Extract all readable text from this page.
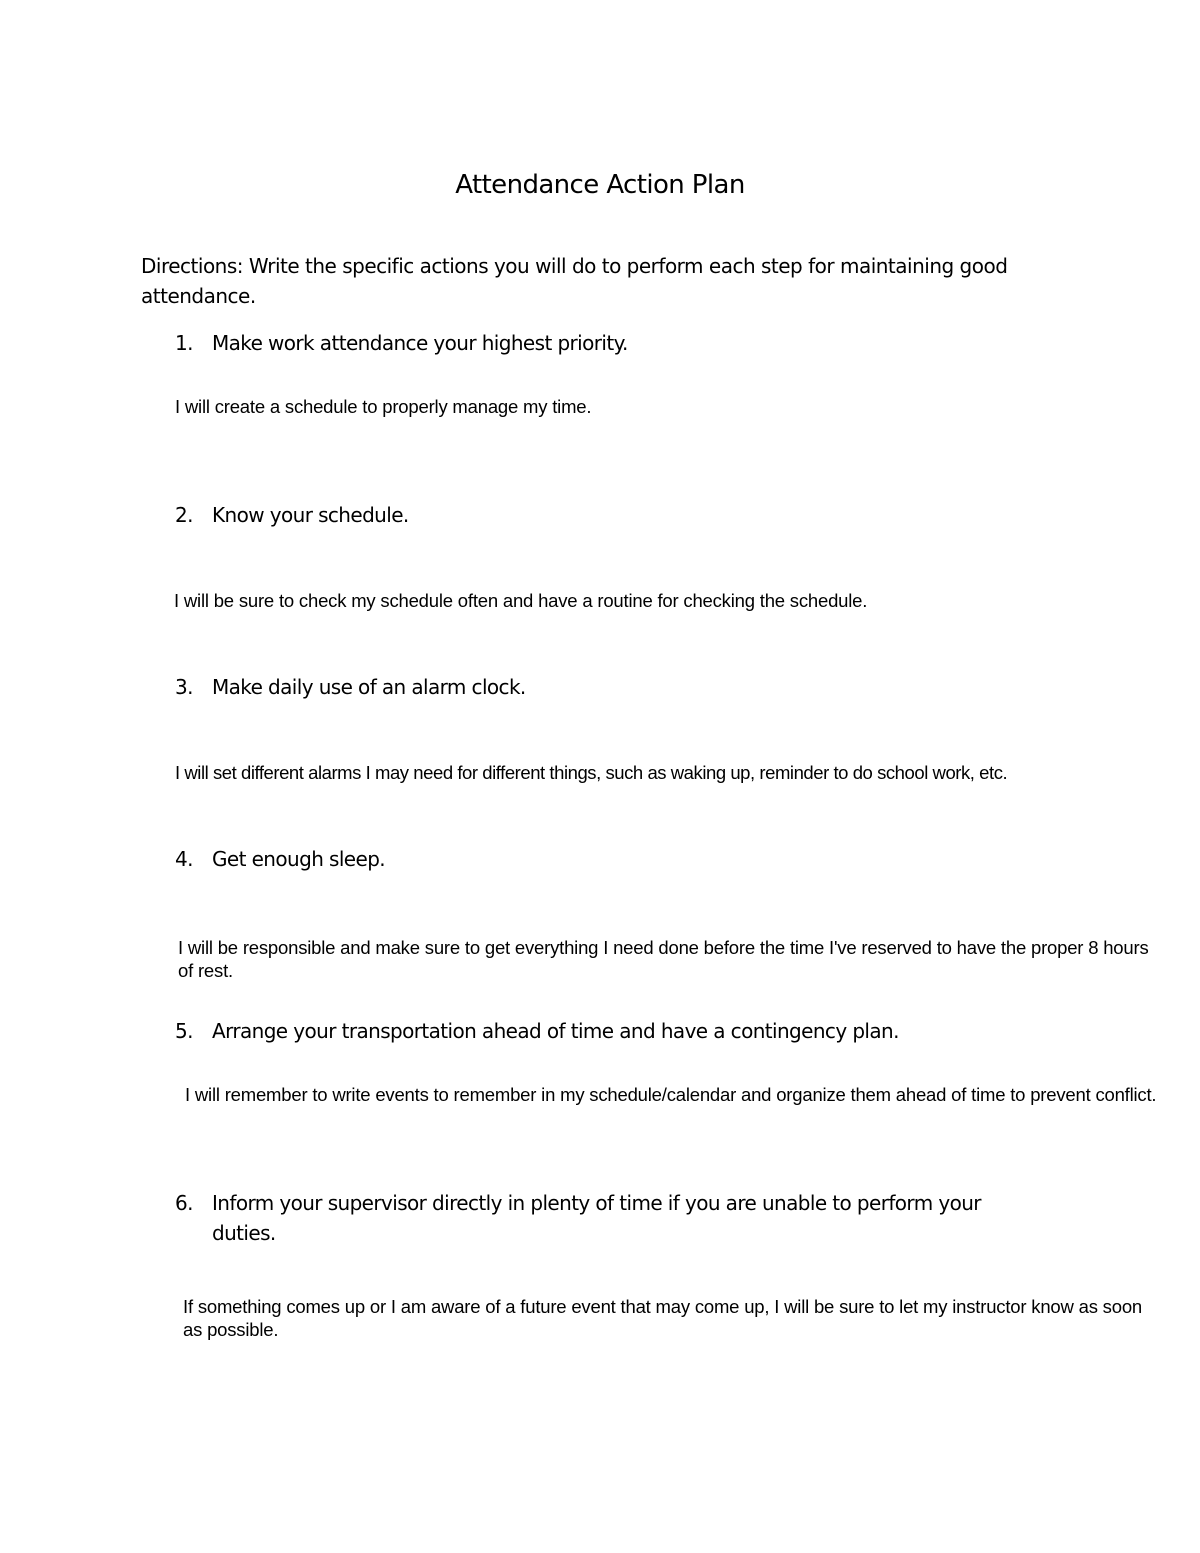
Attendance Action Plan
Directions: Write the specific actions you will do to perform each step for maintaining good attendance.
1. Make work attendance your highest priority.
I will create a schedule to properly manage my time.
2. Know your schedule.
I will be sure to check my schedule often and have a routine for checking the schedule.
3. Make daily use of an alarm clock.
I will set different alarms I may need for different things, such as waking up, reminder to do school work, etc.
4. Get enough sleep.
I will be responsible and make sure to get everything I need done before the time I've reserved to have the proper 8 hours of rest.
5. Arrange your transportation ahead of time and have a contingency plan.
I will remember to write events to remember in my schedule/calendar and organize them ahead of time to prevent conflict.
6. Inform your supervisor directly in plenty of time if you are unable to perform your duties.
If something comes up or I am aware of a future event that may come up, I will be sure to let my instructor know as soon as possible.
